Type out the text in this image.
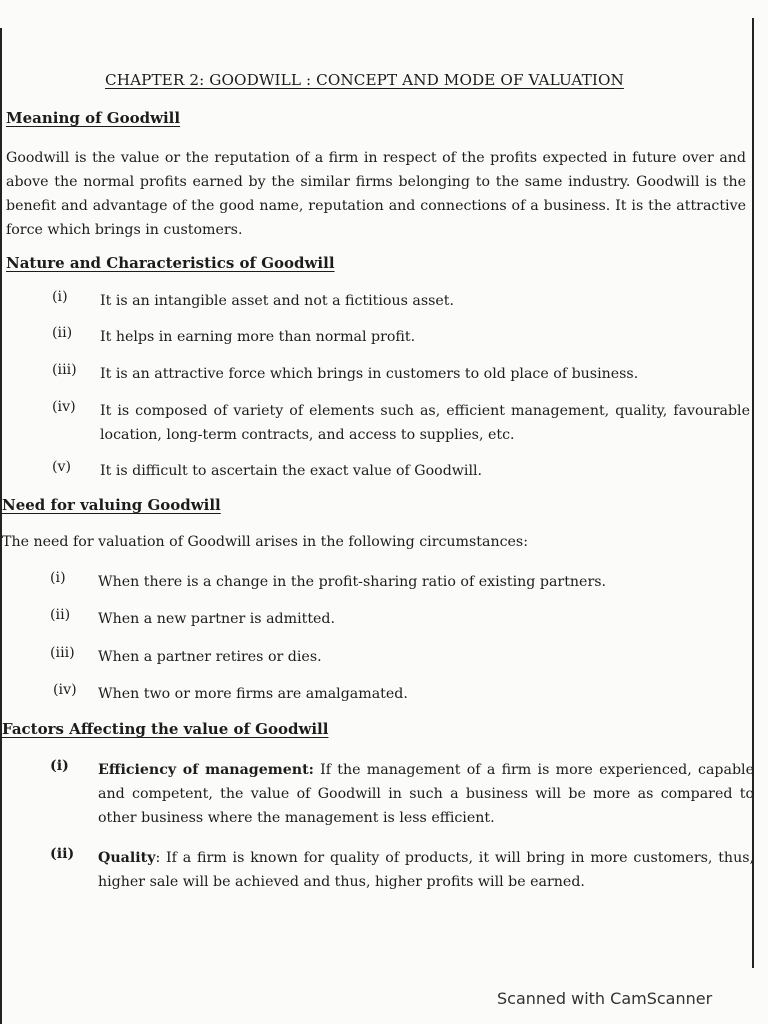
CHAPTER 2: GOODWILL : CONCEPT AND MODE OF VALUATION
Meaning of Goodwill
Goodwill is the value or the reputation of a firm in respect of the profits expected in future over and above the normal profits earned by the similar firms belonging to the same industry. Goodwill is the benefit and advantage of the good name, reputation and connections of a business. It is the attractive force which brings in customers.
Nature and Characteristics of Goodwill
(i) It is an intangible asset and not a fictitious asset.
(ii) It helps in earning more than normal profit.
(iii) It is an attractive force which brings in customers to old place of business.
(iv) It is composed of variety of elements such as, efficient management, quality, favourable location, long-term contracts, and access to supplies, etc.
(v) It is difficult to ascertain the exact value of Goodwill.
Need for valuing Goodwill
The need for valuation of Goodwill arises in the following circumstances:
(i) When there is a change in the profit-sharing ratio of existing partners.
(ii) When a new partner is admitted.
(iii) When a partner retires or dies.
(iv) When two or more firms are amalgamated.
Factors Affecting the value of Goodwill
(i) Efficiency of management: If the management of a firm is more experienced, capable and competent, the value of Goodwill in such a business will be more as compared to other business where the management is less efficient.
(ii) Quality: If a firm is known for quality of products, it will bring in more customers, thus, higher sale will be achieved and thus, higher profits will be earned.
Scanned with CamScanner
